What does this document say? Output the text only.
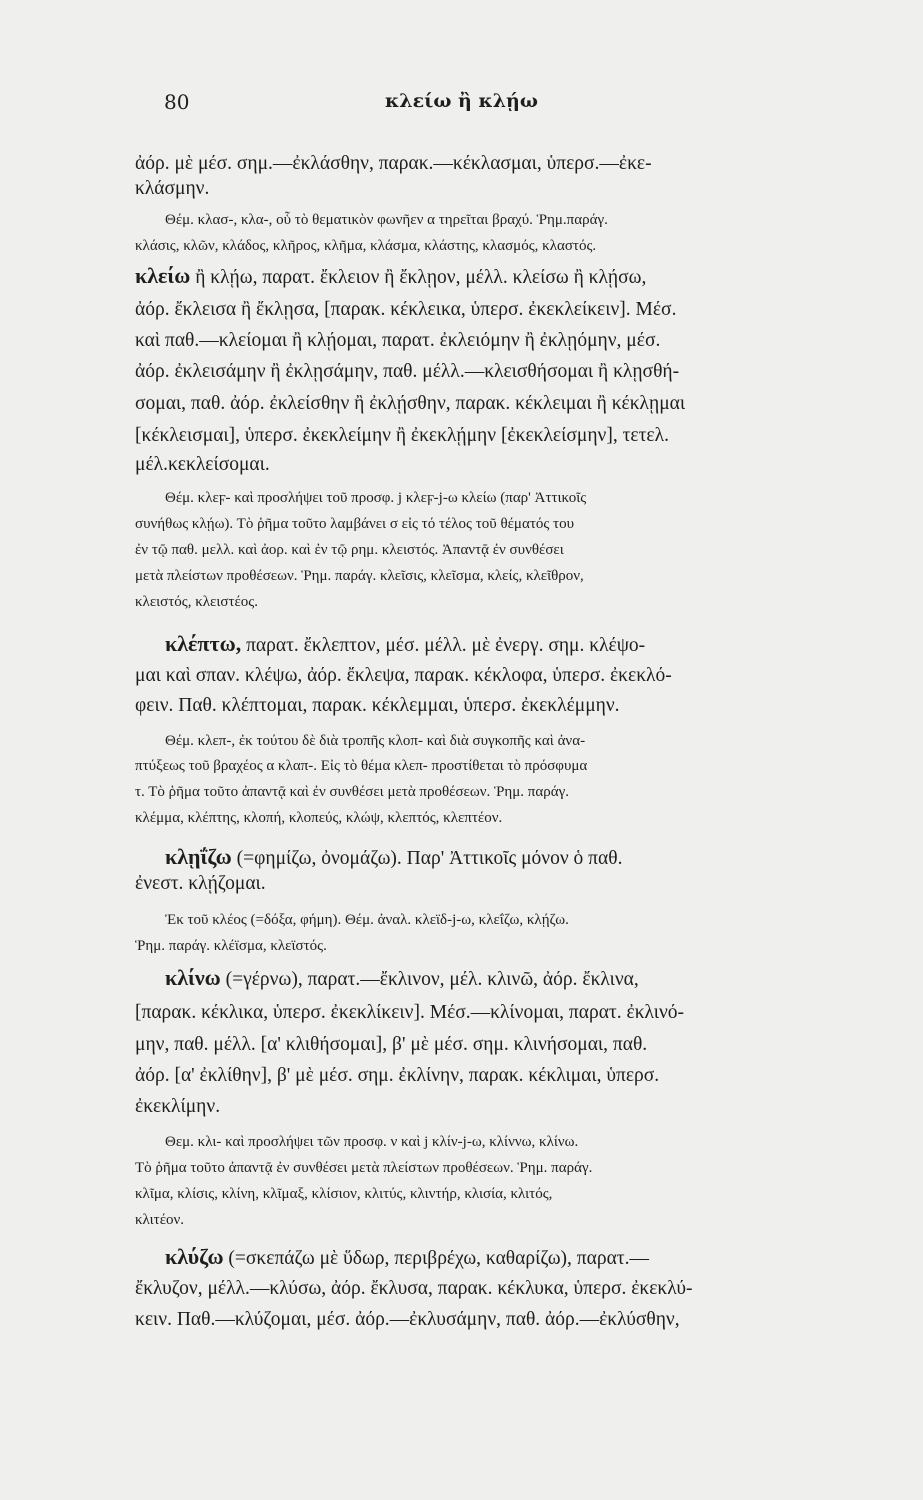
80	κλείω ἢ κλῄω
ἀόρ. μὲ μέσ. σημ.—ἐκλάσθην, παρακ.—κέκλασμαι, ὑπερσ.—ἐκε-
κλάσμην.
Θέμ. κλασ-, κλα-, οὗ τὸ θεματικὸν φωνῆεν α τηρεῖται βραχύ. Ῥημ.παράγ.
κλάσις, κλῶν, κλάδος, κλῆρος, κλῆμα, κλάσμα, κλάστης, κλασμός, κλαστός.
κλείω ἢ κλῄω, παρατ. ἔκλειον ἢ ἔκλῃον, μέλλ. κλείσω ἢ κλῄσω,
ἀόρ. ἔκλεισα ἢ ἔκλῃσα, [παρακ. κέκλεικα, ὑπερσ. ἐκεκλείκειν]. Μέσ.
καὶ παθ.—κλείομαι ἢ κλῄομαι, παρατ. ἐκλειόμην ἢ ἐκλῃόμην, μέσ.
ἀόρ. ἐκλεισάμην ἢ ἐκλῃσάμην, παθ. μέλλ.—κλεισθήσομαι ἢ κλῃσθή-
σομαι, παθ. ἀόρ. ἐκλείσθην ἢ ἐκλῄσθην, παρακ. κέκλειμαι ἢ κέκλῃμαι
[κέκλεισμαι], ὑπερσ. ἐκεκλείμην ἢ ἐκεκλῄμην [ἐκεκλείσμην], τετελ.
μέλ.κεκλείσομαι.
Θέμ. κλεϝ- καὶ προσλήψει τοῦ προσφ. j κλεϝ-j-ω κλείω (παρ' Ἀττικοῖς
συνήθως κλῄω). Τὸ ῥῆμα τοῦτο λαμβάνει σ εἰς τό τέλος τοῦ θέματός του
ἐν τῷ παθ. μελλ. καὶ ἀορ. καὶ ἐν τῷ ρημ. κλειστός. Ἀπαντᾷ ἐν συνθέσει
μετὰ πλείστων προθέσεων. Ῥημ. παράγ. κλεῖσις, κλεῖσμα, κλείς, κλεῖθρον,
κλειστός, κλειστέος.
κλέπτω, παρατ. ἔκλεπτον, μέσ. μέλλ. μὲ ἐνεργ. σημ. κλέψο-
μαι καὶ σπαν. κλέψω, ἀόρ. ἔκλεψα, παρακ. κέκλοφα, ὑπερσ. ἐκεκλό-
φειν. Παθ. κλέπτομαι, παρακ. κέκλεμμαι, ὑπερσ. ἐκεκλέμμην.
Θέμ. κλεπ-, ἐκ τούτου δὲ διὰ τροπῆς κλοπ- καὶ διὰ συγκοπῆς καὶ ἀνα-
πτύξεως τοῦ βραχέος α κλαπ-. Εἰς τὸ θέμα κλεπ- προστίθεται τὸ πρόσφυμα
τ. Τὸ ῥῆμα τοῦτο ἀπαντᾷ καὶ ἐν συνθέσει μετὰ προθέσεων. Ῥημ. παράγ.
κλέμμα, κλέπτης, κλοπή, κλοπεύς, κλώψ, κλεπτός, κλεπτέον.
κλῃΐζω (=φημίζω, ὀνομάζω). Παρ' Ἀττικοῖς μόνον ὁ παθ.
ἐνεστ. κλῄζομαι.
Ἐκ τοῦ κλέος (=δόξα, φήμη). Θέμ. ἀναλ. κλεϊδ-j-ω, κλεΐζω, κλῄζω.
Ῥημ. παράγ. κλέϊσμα, κλεϊστός.
κλίνω (=γέρνω), παρατ.—ἔκλινον, μέλ. κλινῶ, ἀόρ. ἔκλινα,
[παρακ. κέκλικα, ὑπερσ. ἐκεκλίκειν]. Μέσ.—κλίνομαι, παρατ. ἐκλινό-
μην, παθ. μέλλ. [α' κλιθήσομαι], β' μὲ μέσ. σημ. κλινήσομαι, παθ.
ἀόρ. [α' ἐκλίθην], β' μὲ μέσ. σημ. ἐκλίνην, παρακ. κέκλιμαι, ὑπερσ.
ἐκεκλίμην.
Θεμ. κλι- καὶ προσλήψει τῶν προσφ. ν καὶ j κλίν-j-ω, κλίννω, κλίνω.
Τὸ ῥῆμα τοῦτο ἀπαντᾷ ἐν συνθέσει μετὰ πλείστων προθέσεων. Ῥημ. παράγ.
κλῖμα, κλίσις, κλίνη, κλῖμαξ, κλίσιον, κλιτύς, κλιντήρ, κλισία, κλιτός,
κλιτέον.
κλύζω (=σκεπάζω μὲ ὕδωρ, περιβρέχω, καθαρίζω), παρατ.—
ἔκλυζον, μέλλ.—κλύσω, ἀόρ. ἔκλυσα, παρακ. κέκλυκα, ὑπερσ. ἐκεκλύ-
κειν. Παθ.—κλύζομαι, μέσ. ἀόρ.—ἐκλυσάμην, παθ. ἀόρ.—ἐκλύσθην,
